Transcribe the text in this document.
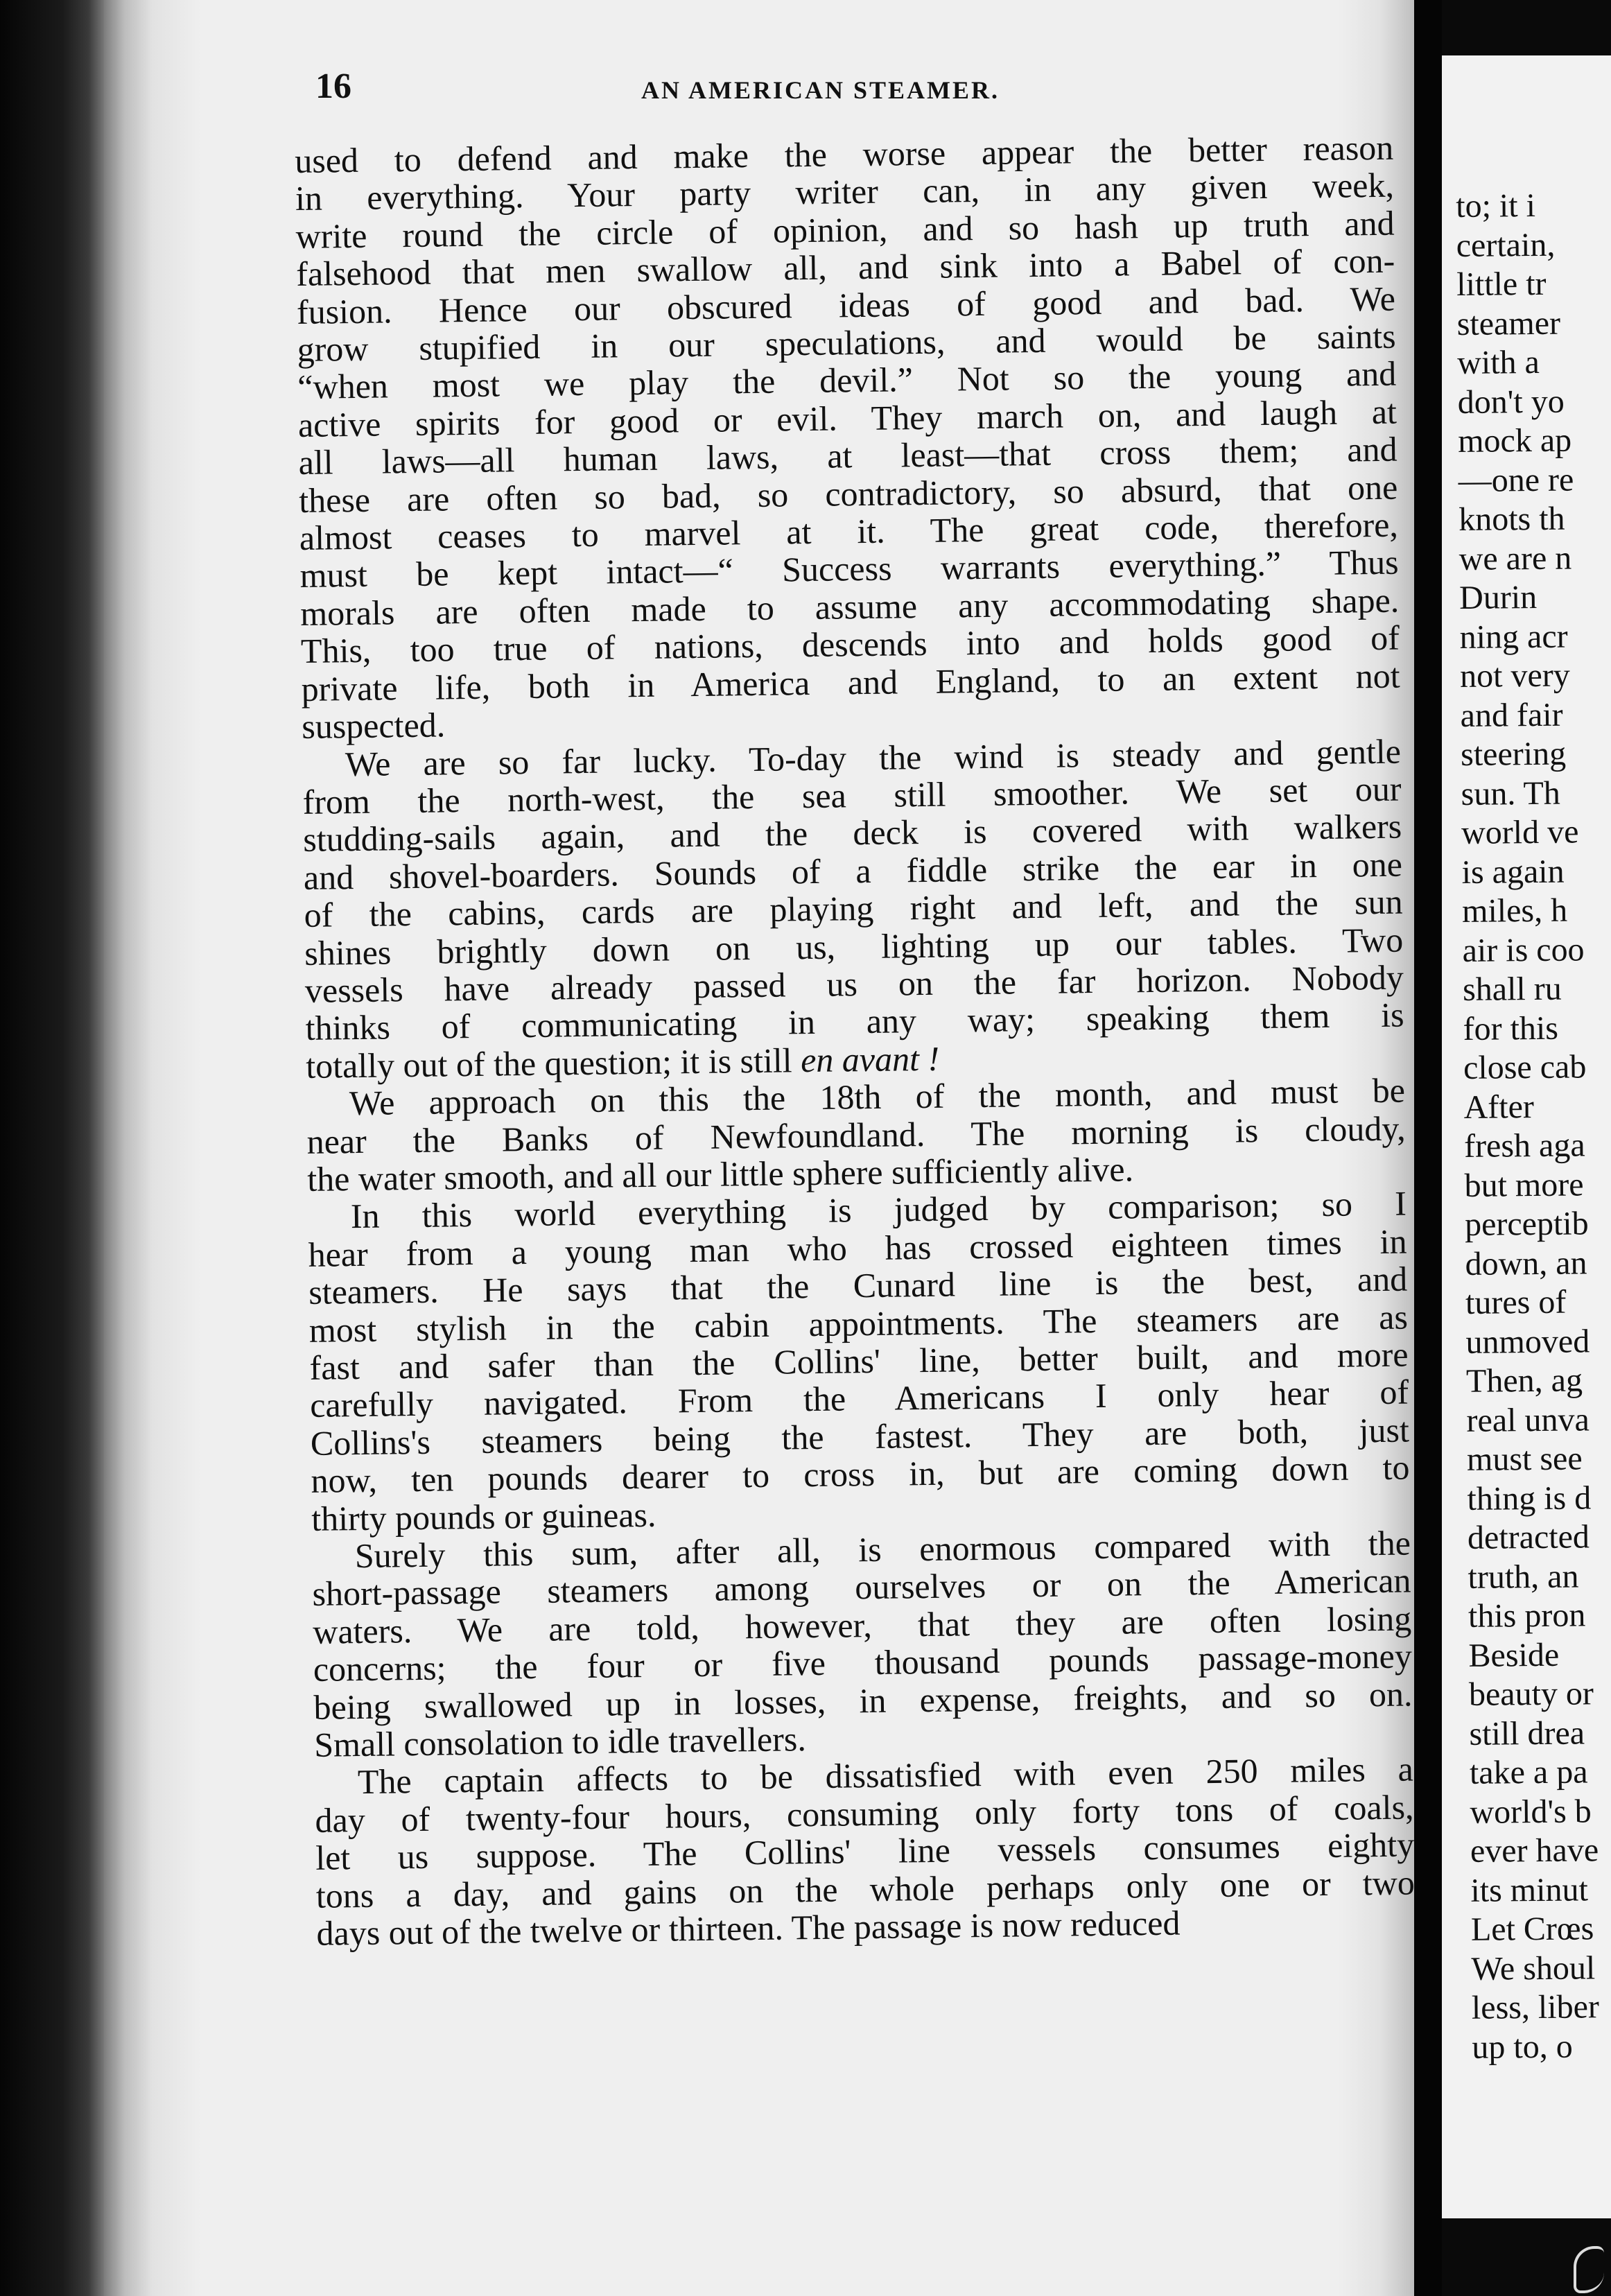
16	AN AMERICAN STEAMER.
used to defend and make the worse appear the better reason
in everything. Your party writer can, in any given week,
write round the circle of opinion, and so hash up truth and
falsehood that men swallow all, and sink into a Babel of con-
fusion. Hence our obscured ideas of good and bad. We
grow stupified in our speculations, and would be saints
“when most we play the devil.” Not so the young and
active spirits for good or evil. They march on, and laugh at
all laws—all human laws, at least—that cross them; and
these are often so bad, so contradictory, so absurd, that one
almost ceases to marvel at it. The great code, therefore,
must be kept intact—“ Success warrants everything.” Thus
morals are often made to assume any accommodating shape.
This, too true of nations, descends into and holds good of
private life, both in America and England, to an extent not
suspected.
We are so far lucky. To-day the wind is steady and gentle
from the north-west, the sea still smoother. We set our
studding-sails again, and the deck is covered with walkers
and shovel-boarders. Sounds of a fiddle strike the ear in one
of the cabins, cards are playing right and left, and the sun
shines brightly down on us, lighting up our tables. Two
vessels have already passed us on the far horizon. Nobody
thinks of communicating in any way; speaking them is
totally out of the question; it is still en avant !
We approach on this the 18th of the month, and must be
near the Banks of Newfoundland. The morning is cloudy,
the water smooth, and all our little sphere sufficiently alive.
In this world everything is judged by comparison; so I
hear from a young man who has crossed eighteen times in
steamers. He says that the Cunard line is the best, and
most stylish in the cabin appointments. The steamers are as
fast and safer than the Collins' line, better built, and more
carefully navigated. From the Americans I only hear of
Collins's steamers being the fastest. They are both, just
now, ten pounds dearer to cross in, but are coming down to
thirty pounds or guineas.
Surely this sum, after all, is enormous compared with the
short-passage steamers among ourselves or on the American
waters. We are told, however, that they are often losing
concerns; the four or five thousand pounds passage-money
being swallowed up in losses, in expense, freights, and so on.
Small consolation to idle travellers.
The captain affects to be dissatisfied with even 250 miles a
day of twenty-four hours, consuming only forty tons of coals,
let us suppose. The Collins' line vessels consumes eighty
tons a day, and gains on the whole perhaps only one or two
days out of the twelve or thirteen. The passage is now reduced
to; it i
certain,
little tr
steamer
with a
don't yo
mock ap
—one re
knots th
we are n
Durin
ning acr
not very
and fair
steering
sun. Th
world ve
is again
miles, h
air is coo
shall ru
for this
close cab
After
fresh aga
but more
perceptib
down, an
tures of
unmoved
Then, ag
real unva
must see
thing is d
detracted
truth, an
this pron
Beside
beauty or
still drea
take a pa
world's b
ever have
its minut
Let Crœs
We shoul
less, liber
up to, o
